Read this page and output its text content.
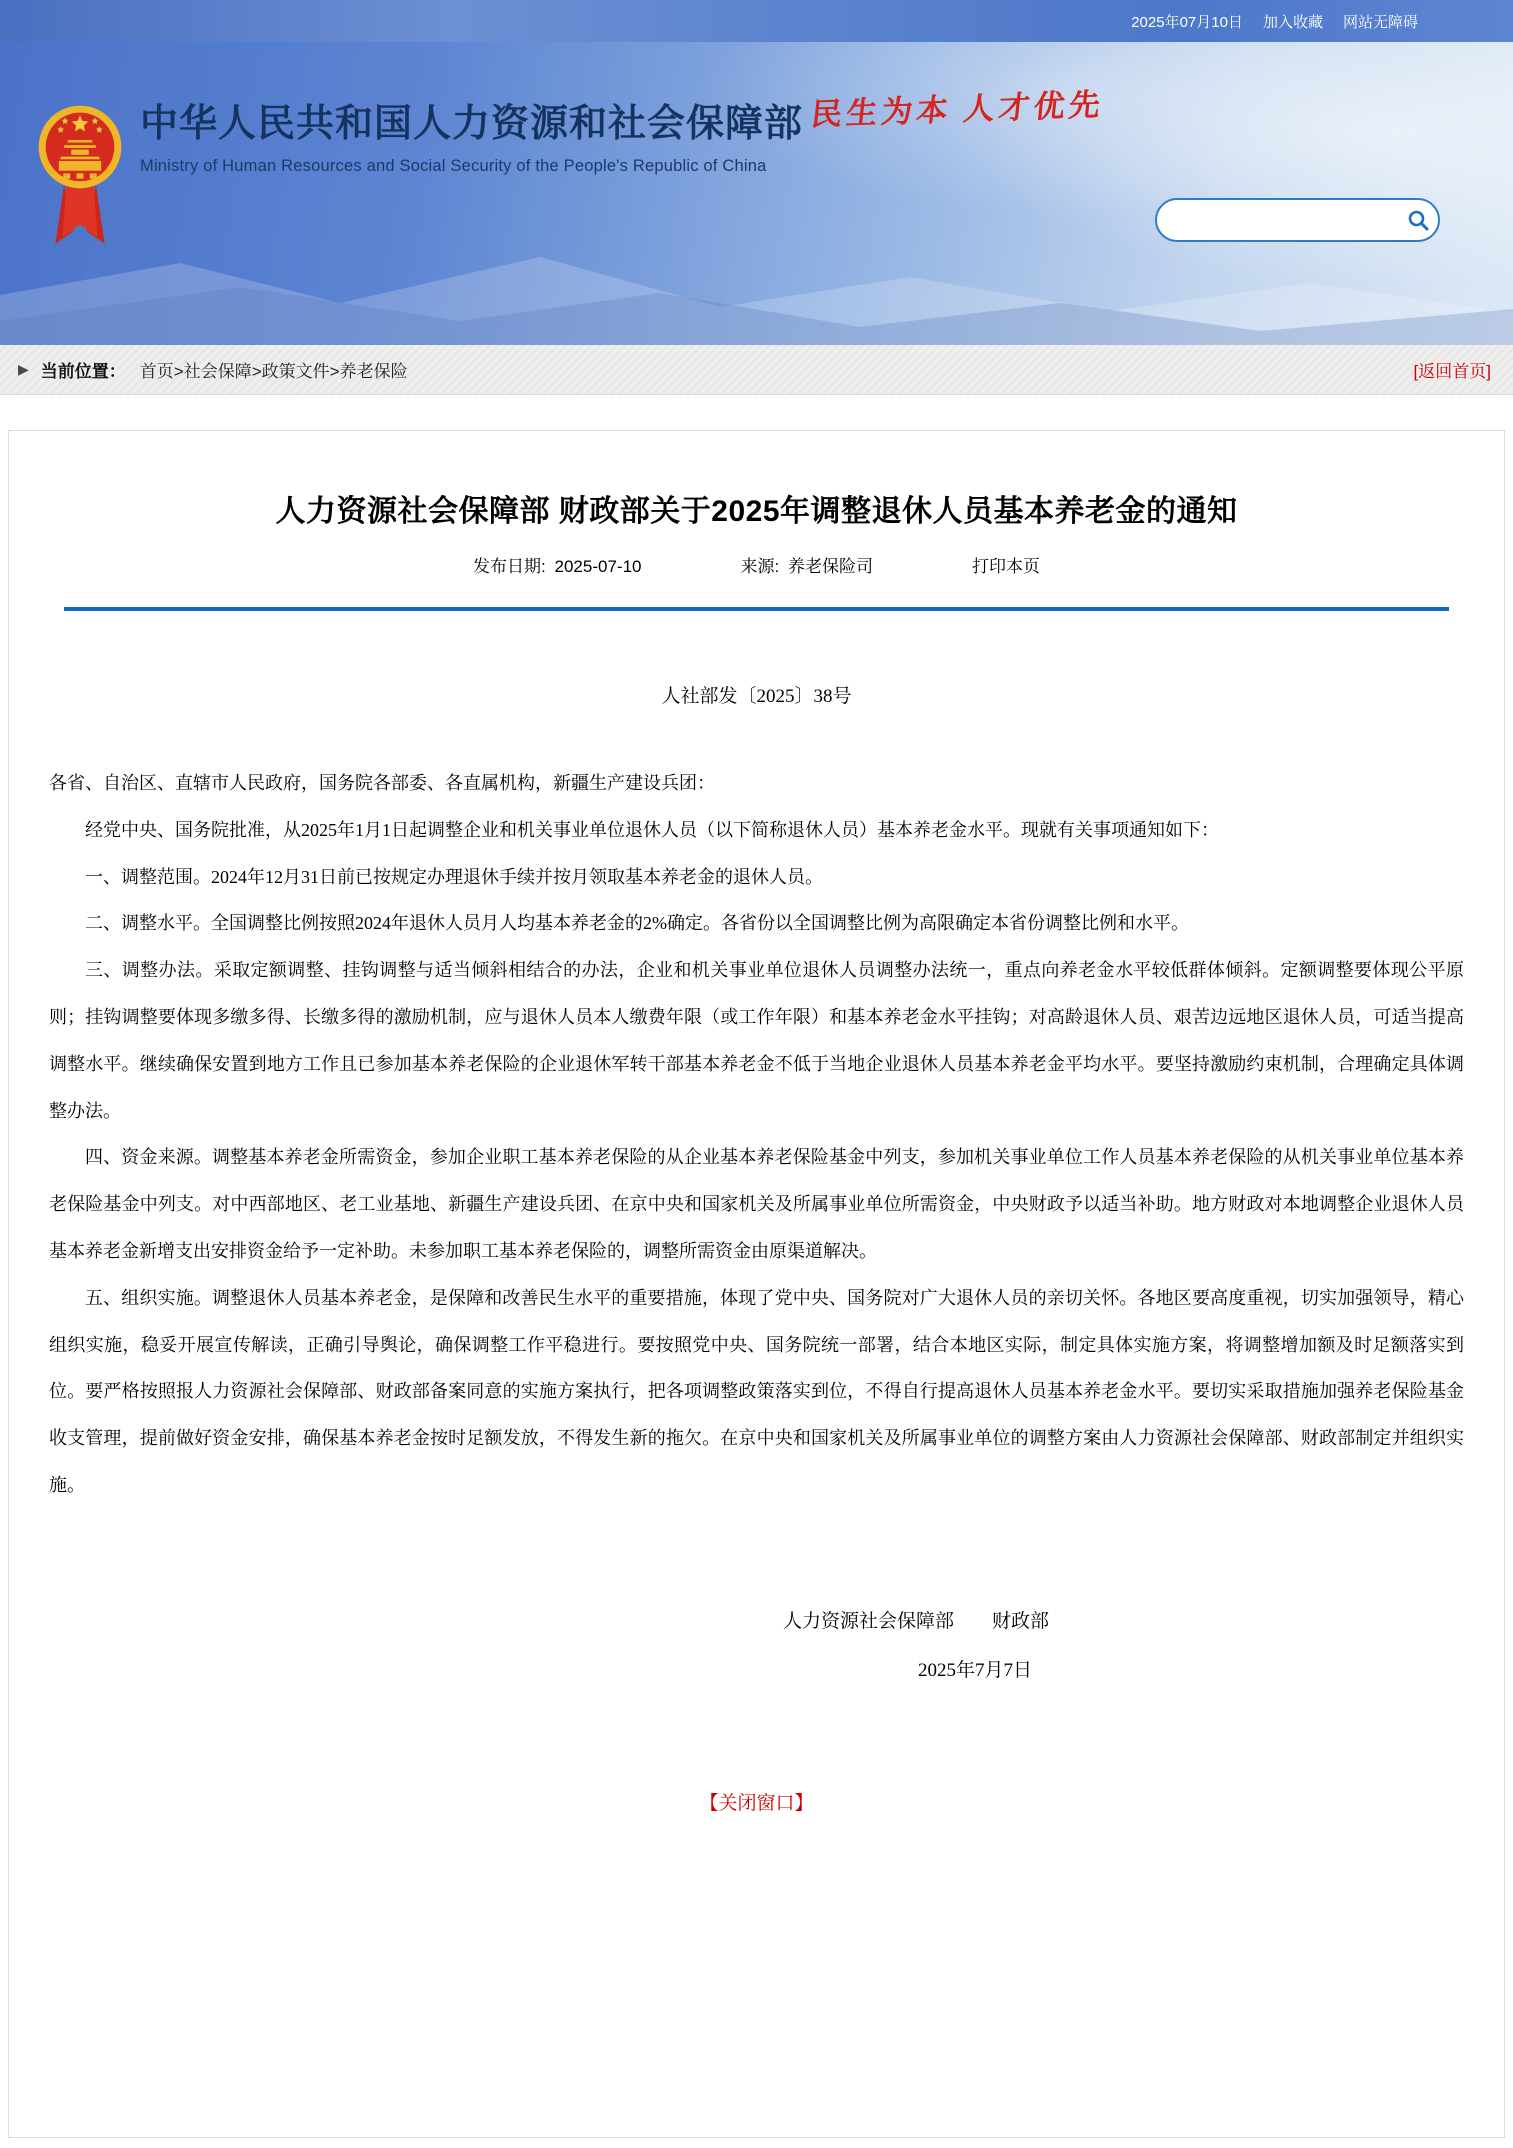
2025年07月10日 加入收藏 网站无障碍
中华人民共和国人力资源和社会保障部
Ministry of Human Resources and Social Security of the People's Republic of China
民生为本 人才优先
▶ 当前位置： 首页>社会保障>政策文件>养老保险	[返回首页]
人力资源社会保障部 财政部关于2025年调整退休人员基本养老金的通知
发布日期: 2025-07-10	来源: 养老保险司	打印本页
人社部发〔2025〕38号

各省、自治区、直辖市人民政府，国务院各部委、各直属机构，新疆生产建设兵团：

经党中央、国务院批准，从2025年1月1日起调整企业和机关事业单位退休人员（以下简称退休人员）基本养老金水平。现就有关事项通知如下：

一、调整范围。2024年12月31日前已按规定办理退休手续并按月领取基本养老金的退休人员。

二、调整水平。全国调整比例按照2024年退休人员月人均基本养老金的2%确定。各省份以全国调整比例为高限确定本省份调整比例和水平。

三、调整办法。采取定额调整、挂钩调整与适当倾斜相结合的办法，企业和机关事业单位退休人员调整办法统一，重点向养老金水平较低群体倾斜。定额调整要体现公平原则；挂钩调整要体现多缴多得、长缴多得的激励机制，应与退休人员本人缴费年限（或工作年限）和基本养老金水平挂钩；对高龄退休人员、艰苦边远地区退休人员，可适当提高调整水平。继续确保安置到地方工作且已参加基本养老保险的企业退休军转干部基本养老金不低于当地企业退休人员基本养老金平均水平。要坚持激励约束机制，合理确定具体调整办法。

四、资金来源。调整基本养老金所需资金，参加企业职工基本养老保险的从企业基本养老保险基金中列支，参加机关事业单位工作人员基本养老保险的从机关事业单位基本养老保险基金中列支。对中西部地区、老工业基地、新疆生产建设兵团、在京中央和国家机关及所属事业单位所需资金，中央财政予以适当补助。地方财政对本地调整企业退休人员基本养老金新增支出安排资金给予一定补助。未参加职工基本养老保险的，调整所需资金由原渠道解决。

五、组织实施。调整退休人员基本养老金，是保障和改善民生水平的重要措施，体现了党中央、国务院对广大退休人员的亲切关怀。各地区要高度重视，切实加强领导，精心组织实施，稳妥开展宣传解读，正确引导舆论，确保调整工作平稳进行。要按照党中央、国务院统一部署，结合本地区实际，制定具体实施方案，将调整增加额及时足额落实到位。要严格按照报人力资源社会保障部、财政部备案同意的实施方案执行，把各项调整政策落实到位，不得自行提高退休人员基本养老金水平。要切实采取措施加强养老保险基金收支管理，提前做好资金安排，确保基本养老金按时足额发放，不得发生新的拖欠。在京中央和国家机关及所属事业单位的调整方案由人力资源社会保障部、财政部制定并组织实施。

人力资源社会保障部　　财政部
2025年7月7日
【关闭窗口】
